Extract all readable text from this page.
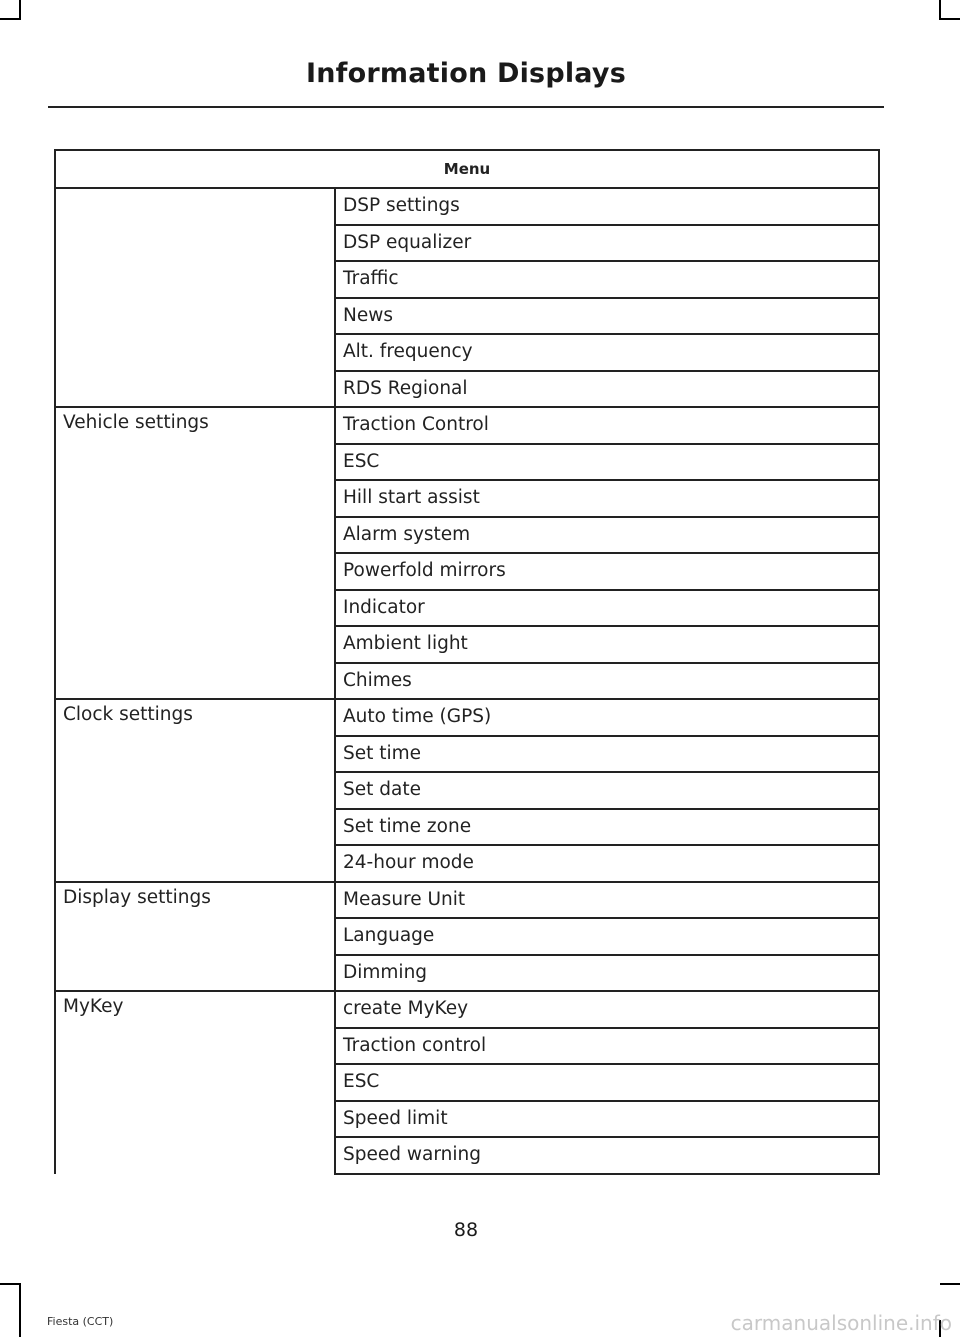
Information Displays
Menu	
	DSP settings
	DSP equalizer
	Traffic
	News
	Alt. frequency
	RDS Regional
Vehicle settings	Traction Control
	ESC
	Hill start assist
	Alarm system
	Powerfold mirrors
	Indicator
	Ambient light
	Chimes
Clock settings	Auto time (GPS)
	Set time
	Set date
	Set time zone
	24-hour mode
Display settings	Measure Unit
	Language
	Dimming
MyKey	create MyKey
	Traction control
	ESC
	Speed limit
	Speed warning
88
Fiesta (CCT)	carmanualsonline.info
